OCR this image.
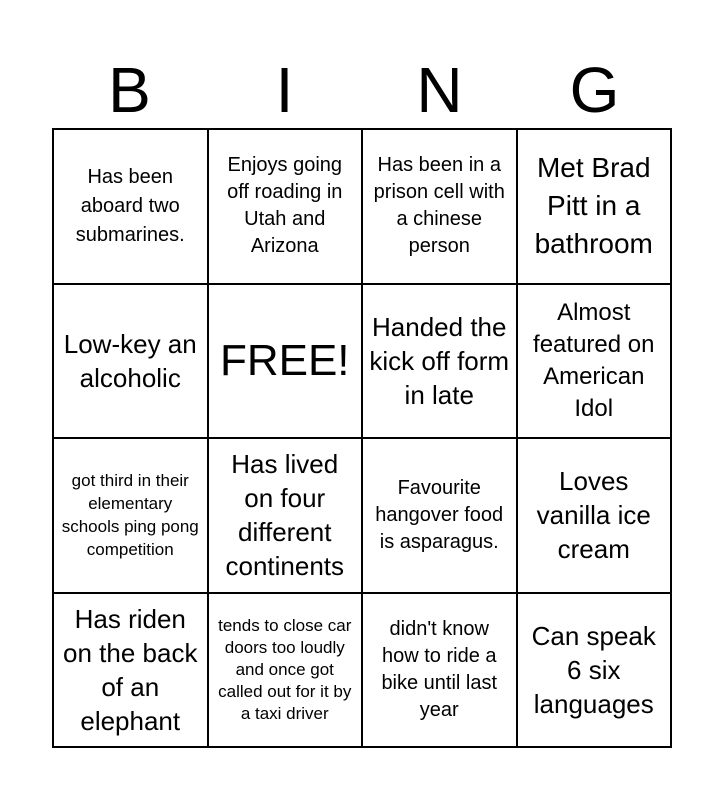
B	I	N	G
Has been aboard two submarines.
Enjoys going off roading in Utah and Arizona
Has been in a prison cell with a chinese person
Met Brad Pitt in a bathroom
Low-key an alcoholic FREE!
Handed the kick off form in late
Almost featured on American Idol
got third in their elementary schools ping pong competition
Has lived on four different continents
Favourite hangover food is asparagus.
Loves vanilla ice cream
Has riden on the back of an elephant
tends to close car doors too loudly and once got called out for it by a taxi driver
didn't know how to ride a bike until last year
Can speak 6 six languages
